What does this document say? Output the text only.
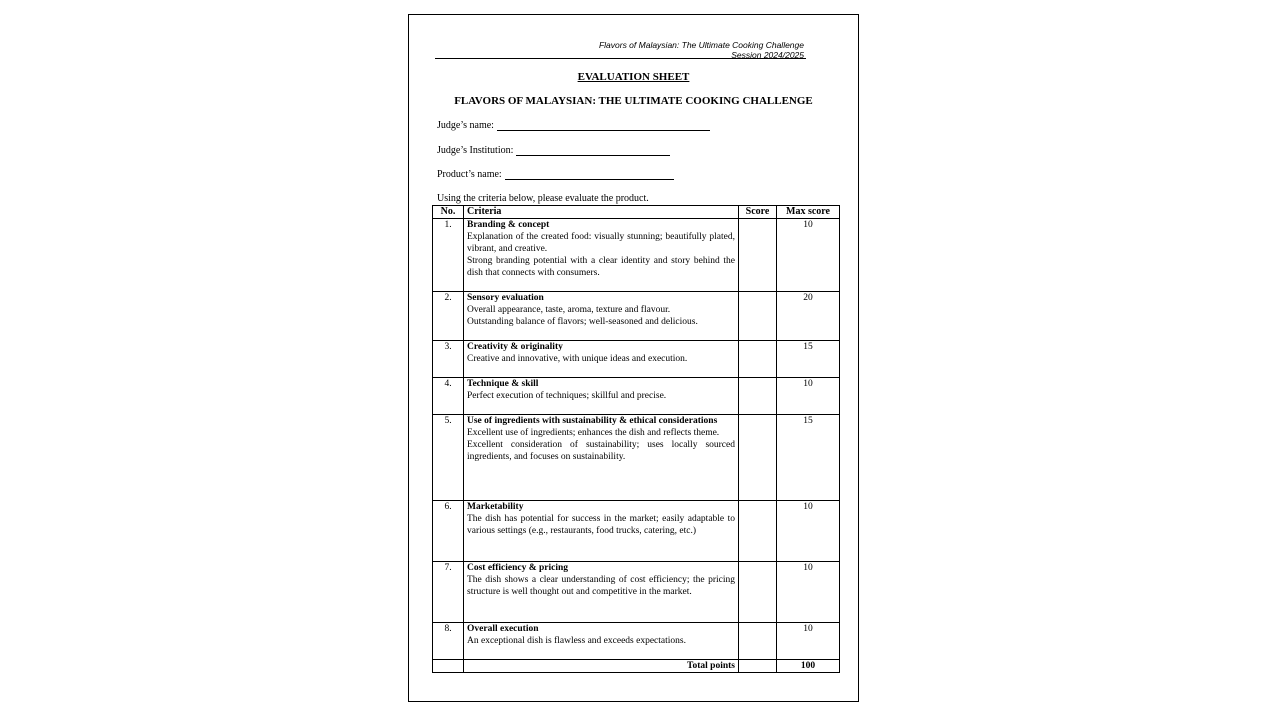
Flavors of Malaysian: The Ultimate Cooking Challenge
Session 2024/2025
EVALUATION SHEET
FLAVORS OF MALAYSIAN: THE ULTIMATE COOKING CHALLENGE
Judge’s name:
Judge’s Institution:
Product’s name:
Using the criteria below, please evaluate the product.
No.	Criteria	Score	Max score
1.	Branding & concept
Explanation of the created food: visually stunning; beautifully plated, vibrant, and creative.
Strong branding potential with a clear identity and story behind the dish that connects with consumers.		10
2.	Sensory evaluation
Overall appearance, taste, aroma, texture and flavour.
Outstanding balance of flavors; well-seasoned and delicious.		20
3.	Creativity & originality
Creative and innovative, with unique ideas and execution.		15
4.	Technique & skill
Perfect execution of techniques; skillful and precise.		10
5.	Use of ingredients with sustainability & ethical considerations
Excellent use of ingredients; enhances the dish and reflects theme.
Excellent consideration of sustainability; uses locally sourced ingredients, and focuses on sustainability.		15
6.	Marketability
The dish has potential for success in the market; easily adaptable to various settings (e.g., restaurants, food trucks, catering, etc.)		10
7.	Cost efficiency & pricing
The dish shows a clear understanding of cost efficiency; the pricing structure is well thought out and competitive in the market.		10
8.	Overall execution
An exceptional dish is flawless and exceeds expectations.		10
	Total points		100
